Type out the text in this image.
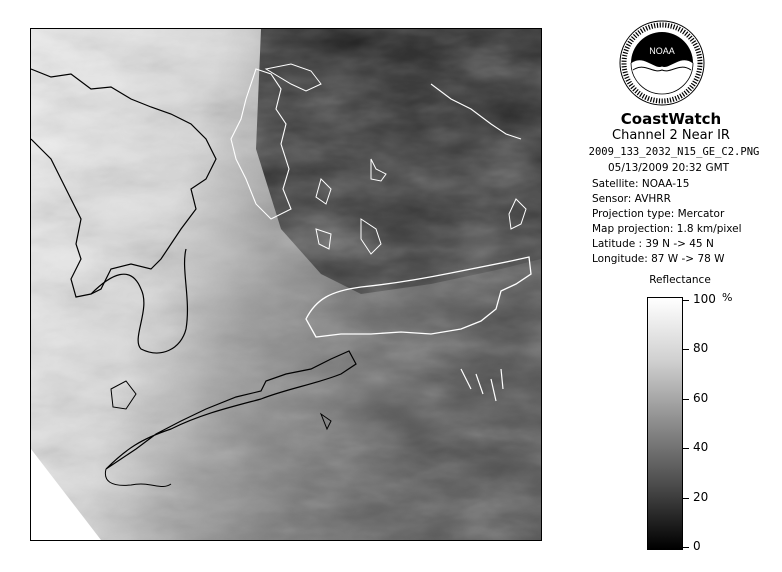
NOAA
CoastWatch
Channel 2 Near IR
2009_133_2032_N15_GE_C2.PNG
05/13/2009 20:32 GMT
Satellite: NOAA-15
Sensor: AVHRR
Projection type: Mercator
Map projection: 1.8 km/pixel
Latitude : 39 N -> 45 N
Longitude: 87 W -> 78 W
Reflectance
%
100
80
60
40
20
0
